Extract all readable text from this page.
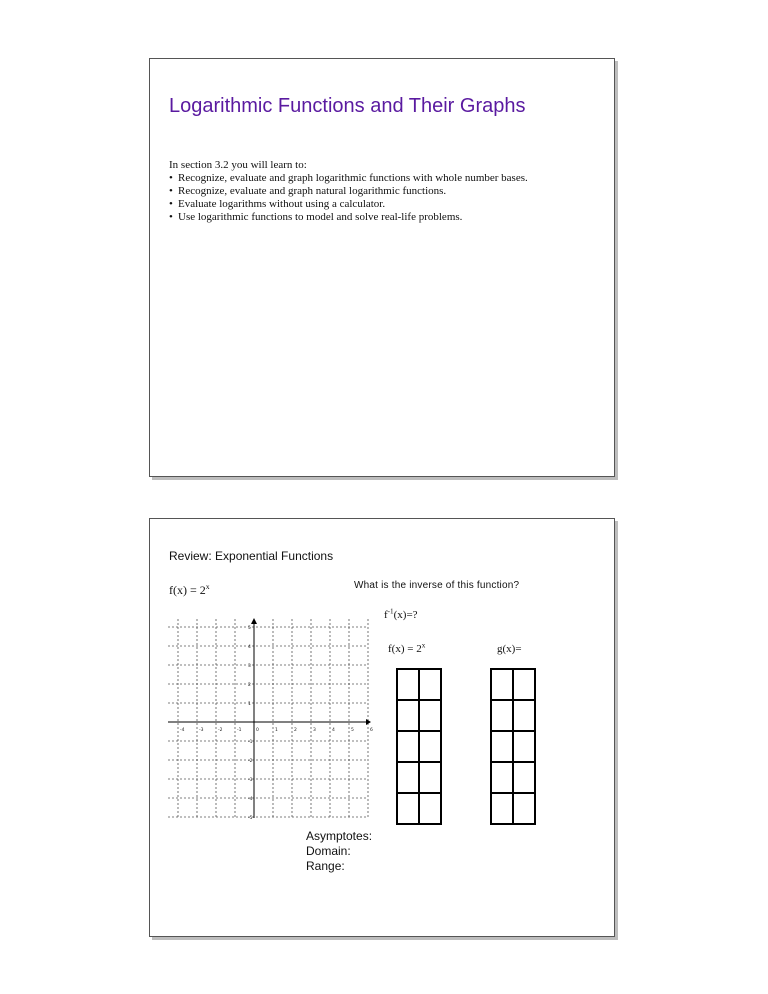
Logarithmic Functions and Their Graphs
In section 3.2 you will learn to:
• Recognize, evaluate and graph logarithmic functions with whole number bases.
• Recognize, evaluate and graph natural logarithmic functions.
• Evaluate logarithms without using a calculator.
• Use logarithmic functions to model and solve real-life problems.
Review: Exponential Functions
$f(x) = 2^x$	What is the inverse of this function?
$f^{-1}(x)=$?
$f(x) = 2^x$	g(x)=
-4	-3	-2	-1	0	1	2	3	4	5	6
5
4
3
2
1
-1
-2
-3
-4
-5
Asymptotes:
Domain:
Range:
